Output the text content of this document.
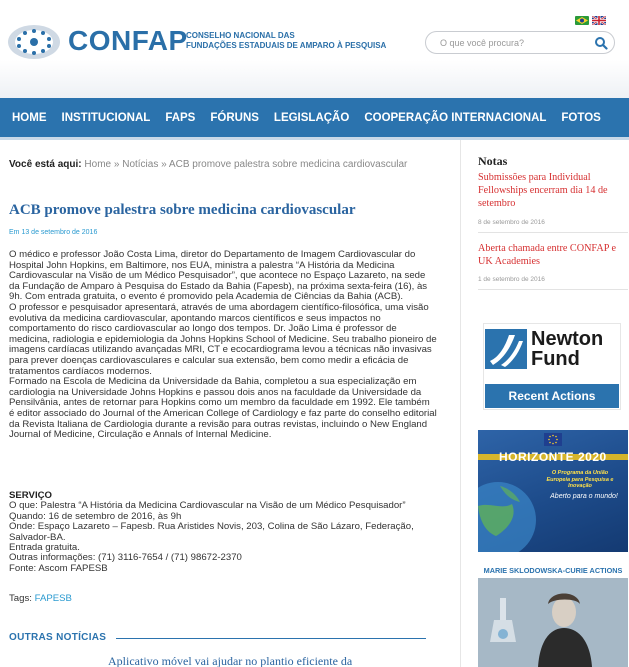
CONFAP
CONSELHO NACIONAL DAS
FUNDAÇÕES ESTADUAIS DE AMPARO À PESQUISA
O que você procura?
HOME INSTITUCIONAL FAPS FÓRUNS LEGISLAÇÃO COOPERAÇÃO INTERNACIONAL FOTOS
Você está aqui: Home » Notícias » ACB promove palestra sobre medicina cardiovascular
ACB promove palestra sobre medicina cardiovascular
Em 13 de setembro de 2016

O médico e professor João Costa Lima, diretor do Departamento de Imagem Cardiovascular do Hospital John Hopkins, em Baltimore, nos EUA, ministra a palestra “A História da Medicina Cardiovascular na Visão de um Médico Pesquisador”, que acontece no Espaço Lazareto, na sede da Fundação de Amparo à Pesquisa do Estado da Bahia (Fapesb), na próxima sexta-feira (16), às 9h. Com entrada gratuita, o evento é promovido pela Academia de Ciências da Bahia (ACB).

O professor e pesquisador apresentará, através de uma abordagem científico-filosófica, uma visão evolutiva da medicina cardiovascular, apontando marcos científicos e seus impactos no comportamento do risco cardiovascular ao longo dos tempos. Dr. João Lima é professor de medicina, radiologia e epidemiologia da Johns Hopkins School of Medicine. Seu trabalho pioneiro de imagens cardíacas utilizando avançadas MRI, CT e ecocardiograma levou a técnicas não invasivas para prever doenças cardiovasculares e calcular sua extensão, bem como medir a eficácia de tratamentos cardíacos modernos.

Formado na Escola de Medicina da Universidade da Bahia, completou a sua especialização em cardiologia na Universidade Johns Hopkins e passou dois anos na faculdade da Universidade da Pensilvânia, antes de retornar para Hopkins como um membro da faculdade em 1992. Ele também é editor associado do Journal of the American College of Cardiology e faz parte do conselho editorial da Revista Italiana de Cardiologia durante a revisão para outras revistas, incluindo o New England Journal of Medicine, Circulação e Annals of Internal Medicine.

SERVIÇO
O que: Palestra “A História da Medicina Cardiovascular na Visão de um Médico Pesquisador”
Quando: 16 de setembro de 2016, às 9h
Onde: Espaço Lazareto – Fapesb. Rua Aristides Novis, 203, Colina de São Lázaro, Federação, Salvador-BA.
Entrada gratuita.
Outras informações: (71) 3116-7654 / (71) 98672-2370
Fonte: Ascom FAPESB
Tags: FAPESB
OUTRAS NOTÍCIAS
Aplicativo móvel vai ajudar no plantio eficiente da
Notas
Submissões para Individual Fellowships encerram dia 14 de setembro
8 de setembro de 2016
Aberta chamada entre CONFAP e UK Academies
1 de setembro de 2016
Newton
Fund
Recent Actions
HORIZONTE 2020
O Programa da União Europeia para Pesquisa e Inovação
Aberto para o mundo!
MARIE SKLODOWSKA-CURIE ACTIONS
